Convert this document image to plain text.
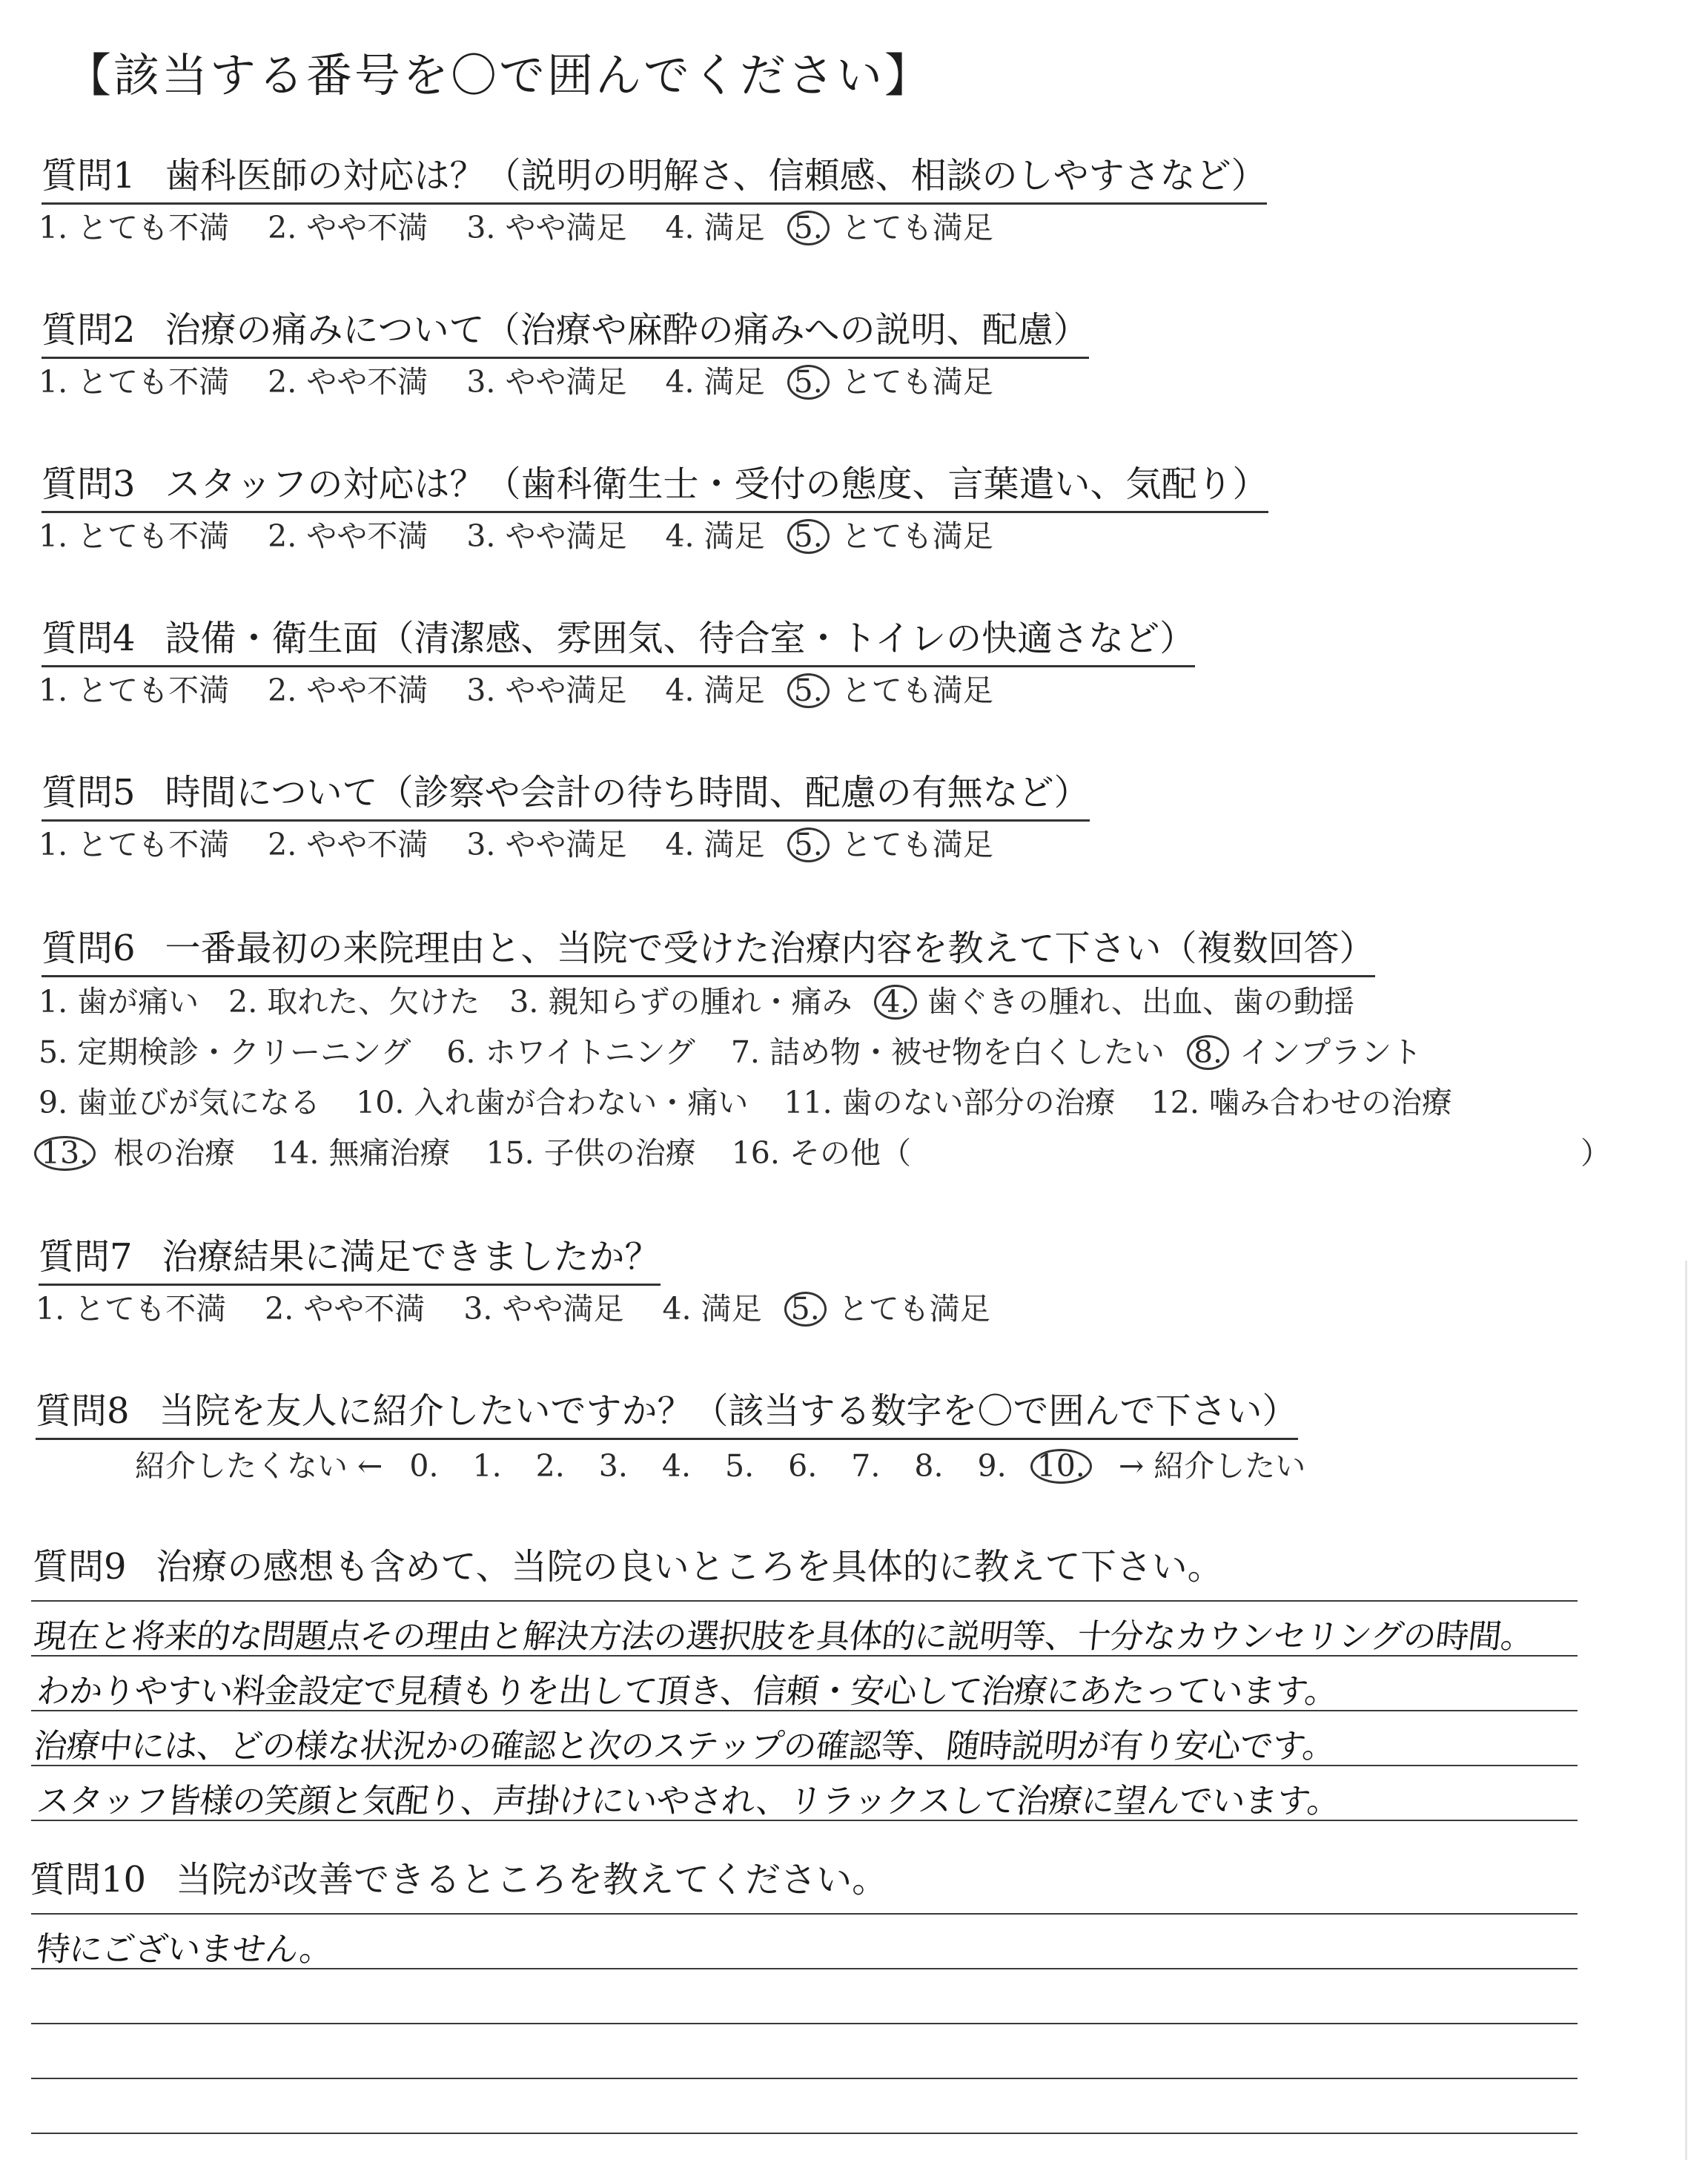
【該当する番号を〇で囲んでください】
質問1 歯科医師の対応は？（説明の明解さ、信頼感、相談のしやすさなど）
1. とても不満 2. やや不満 3. やや満足 4. 満足 5. とても満足
質問2 治療の痛みについて（治療や麻酔の痛みへの説明、配慮）
1. とても不満 2. やや不満 3. やや満足 4. 満足 5. とても満足
質問3 スタッフの対応は？（歯科衛生士・受付の態度、言葉遣い、気配り）
1. とても不満 2. やや不満 3. やや満足 4. 満足 5. とても満足
質問4 設備・衛生面（清潔感、雰囲気、待合室・トイレの快適さなど）
1. とても不満 2. やや不満 3. やや満足 4. 満足 5. とても満足
質問5 時間について（診察や会計の待ち時間、配慮の有無など）
1. とても不満 2. やや不満 3. やや満足 4. 満足 5. とても満足
質問6 一番最初の来院理由と、当院で受けた治療内容を教えて下さい（複数回答）
1. 歯が痛い 2. 取れた、欠けた 3. 親知らずの腫れ・痛み 4. 歯ぐきの腫れ、出血、歯の動揺
5. 定期検診・クリーニング 6. ホワイトニング 7. 詰め物・被せ物を白くしたい 8. インプラント
9. 歯並びが気になる 10. 入れ歯が合わない・痛い 11. 歯のない部分の治療 12. 噛み合わせの治療
13. 根の治療 14. 無痛治療 15. 子供の治療 16. その他（	）
質問7 治療結果に満足できましたか？
1. とても不満 2. やや不満 3. やや満足 4. 満足 5. とても満足
質問8 当院を友人に紹介したいですか？（該当する数字を〇で囲んで下さい）
紹介したくない ← 0. 1. 2. 3. 4. 5. 6. 7. 8. 9. 10. → 紹介したい
質問9 治療の感想も含めて、当院の良いところを具体的に教えて下さい。
現在と将来的な問題点その理由と解決方法の選択肢を具体的に説明等、十分なカウンセリングの時間。
わかりやすい料金設定で見積もりを出して頂き、信頼・安心して治療にあたっています。
治療中には、どの様な状況かの確認と次のステップの確認等、随時説明が有り安心です。
スタッフ皆様の笑顔と気配り、声掛けにいやされ、リラックスして治療に望んでいます。
質問10 当院が改善できるところを教えてください。
特にございません。
